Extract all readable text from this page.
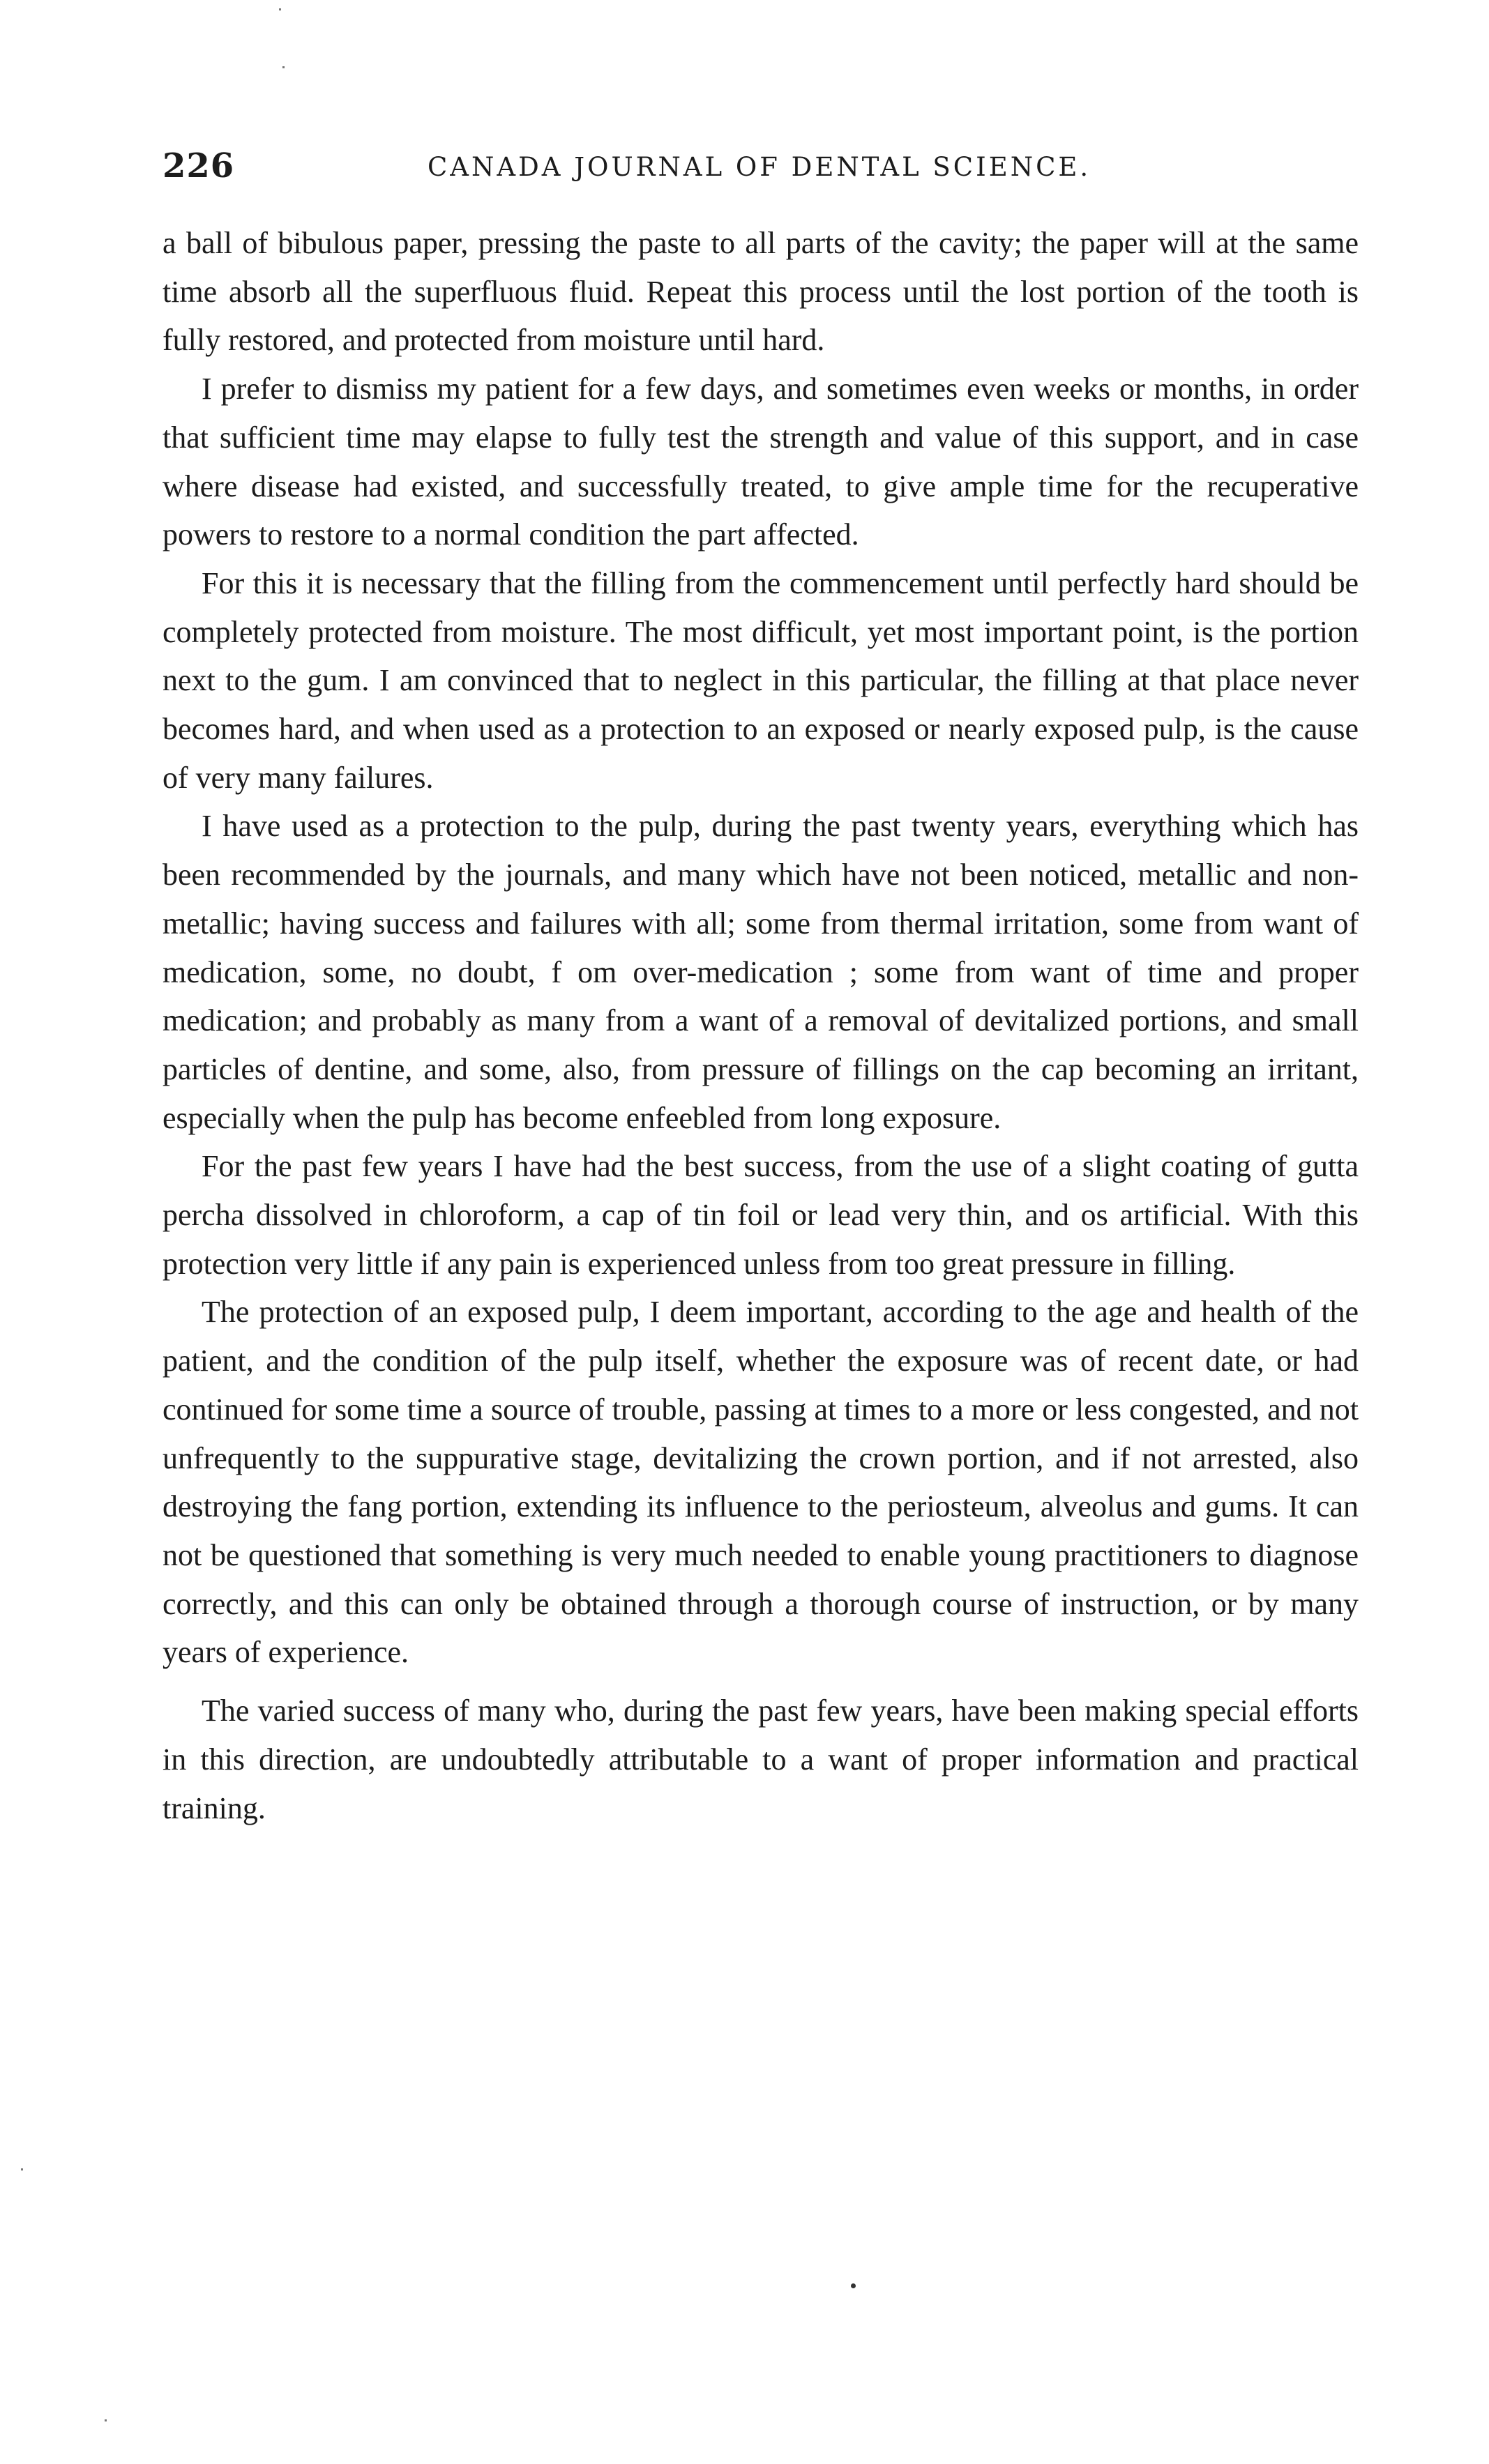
226	CANADA JOURNAL OF DENTAL SCIENCE.

a ball of bibulous paper, pressing the paste to all parts of the cavity; the paper will at the same time absorb all the superfluous fluid. Repeat this process until the lost portion of the tooth is fully restored, and protected from moisture until hard.

I prefer to dismiss my patient for a few days, and sometimes even weeks or months, in order that sufficient time may elapse to fully test the strength and value of this support, and in case where disease had existed, and successfully treated, to give ample time for the recuperative powers to restore to a normal condition the part affected.

For this it is necessary that the filling from the commencement until perfectly hard should be completely protected from moisture. The most difficult, yet most important point, is the portion next to the gum. I am convinced that to neglect in this particular, the filling at that place never becomes hard, and when used as a protection to an exposed or nearly exposed pulp, is the cause of very many failures.

I have used as a protection to the pulp, during the past twenty years, everything which has been recommended by the journals, and many which have not been noticed, metallic and non-metallic; having success and failures with all; some from thermal irritation, some from want of medication, some, no doubt, f om over-medication ; some from want of time and proper medication; and probably as many from a want of a removal of devitalized portions, and small particles of dentine, and some, also, from pressure of fillings on the cap becoming an irritant, especially when the pulp has become enfeebled from long exposure.

For the past few years I have had the best success, from the use of a slight coating of gutta percha dissolved in chloroform, a cap of tin foil or lead very thin, and os artificial. With this protection very little if any pain is experienced unless from too great pressure in filling.

The protection of an exposed pulp, I deem important, according to the age and health of the patient, and the condition of the pulp itself, whether the exposure was of recent date, or had continued for some time a source of trouble, passing at times to a more or less congested, and not unfrequently to the suppurative stage, devitalizing the crown portion, and if not arrested, also destroying the fang portion, extending its influence to the periosteum, alveolus and gums. It can not be questioned that something is very much needed to enable young practitioners to diagnose correctly, and this can only be obtained through a thorough course of instruction, or by many years of experience.

The varied success of many who, during the past few years, have been making special efforts in this direction, are undoubtedly attributable to a want of proper information and practical training.
